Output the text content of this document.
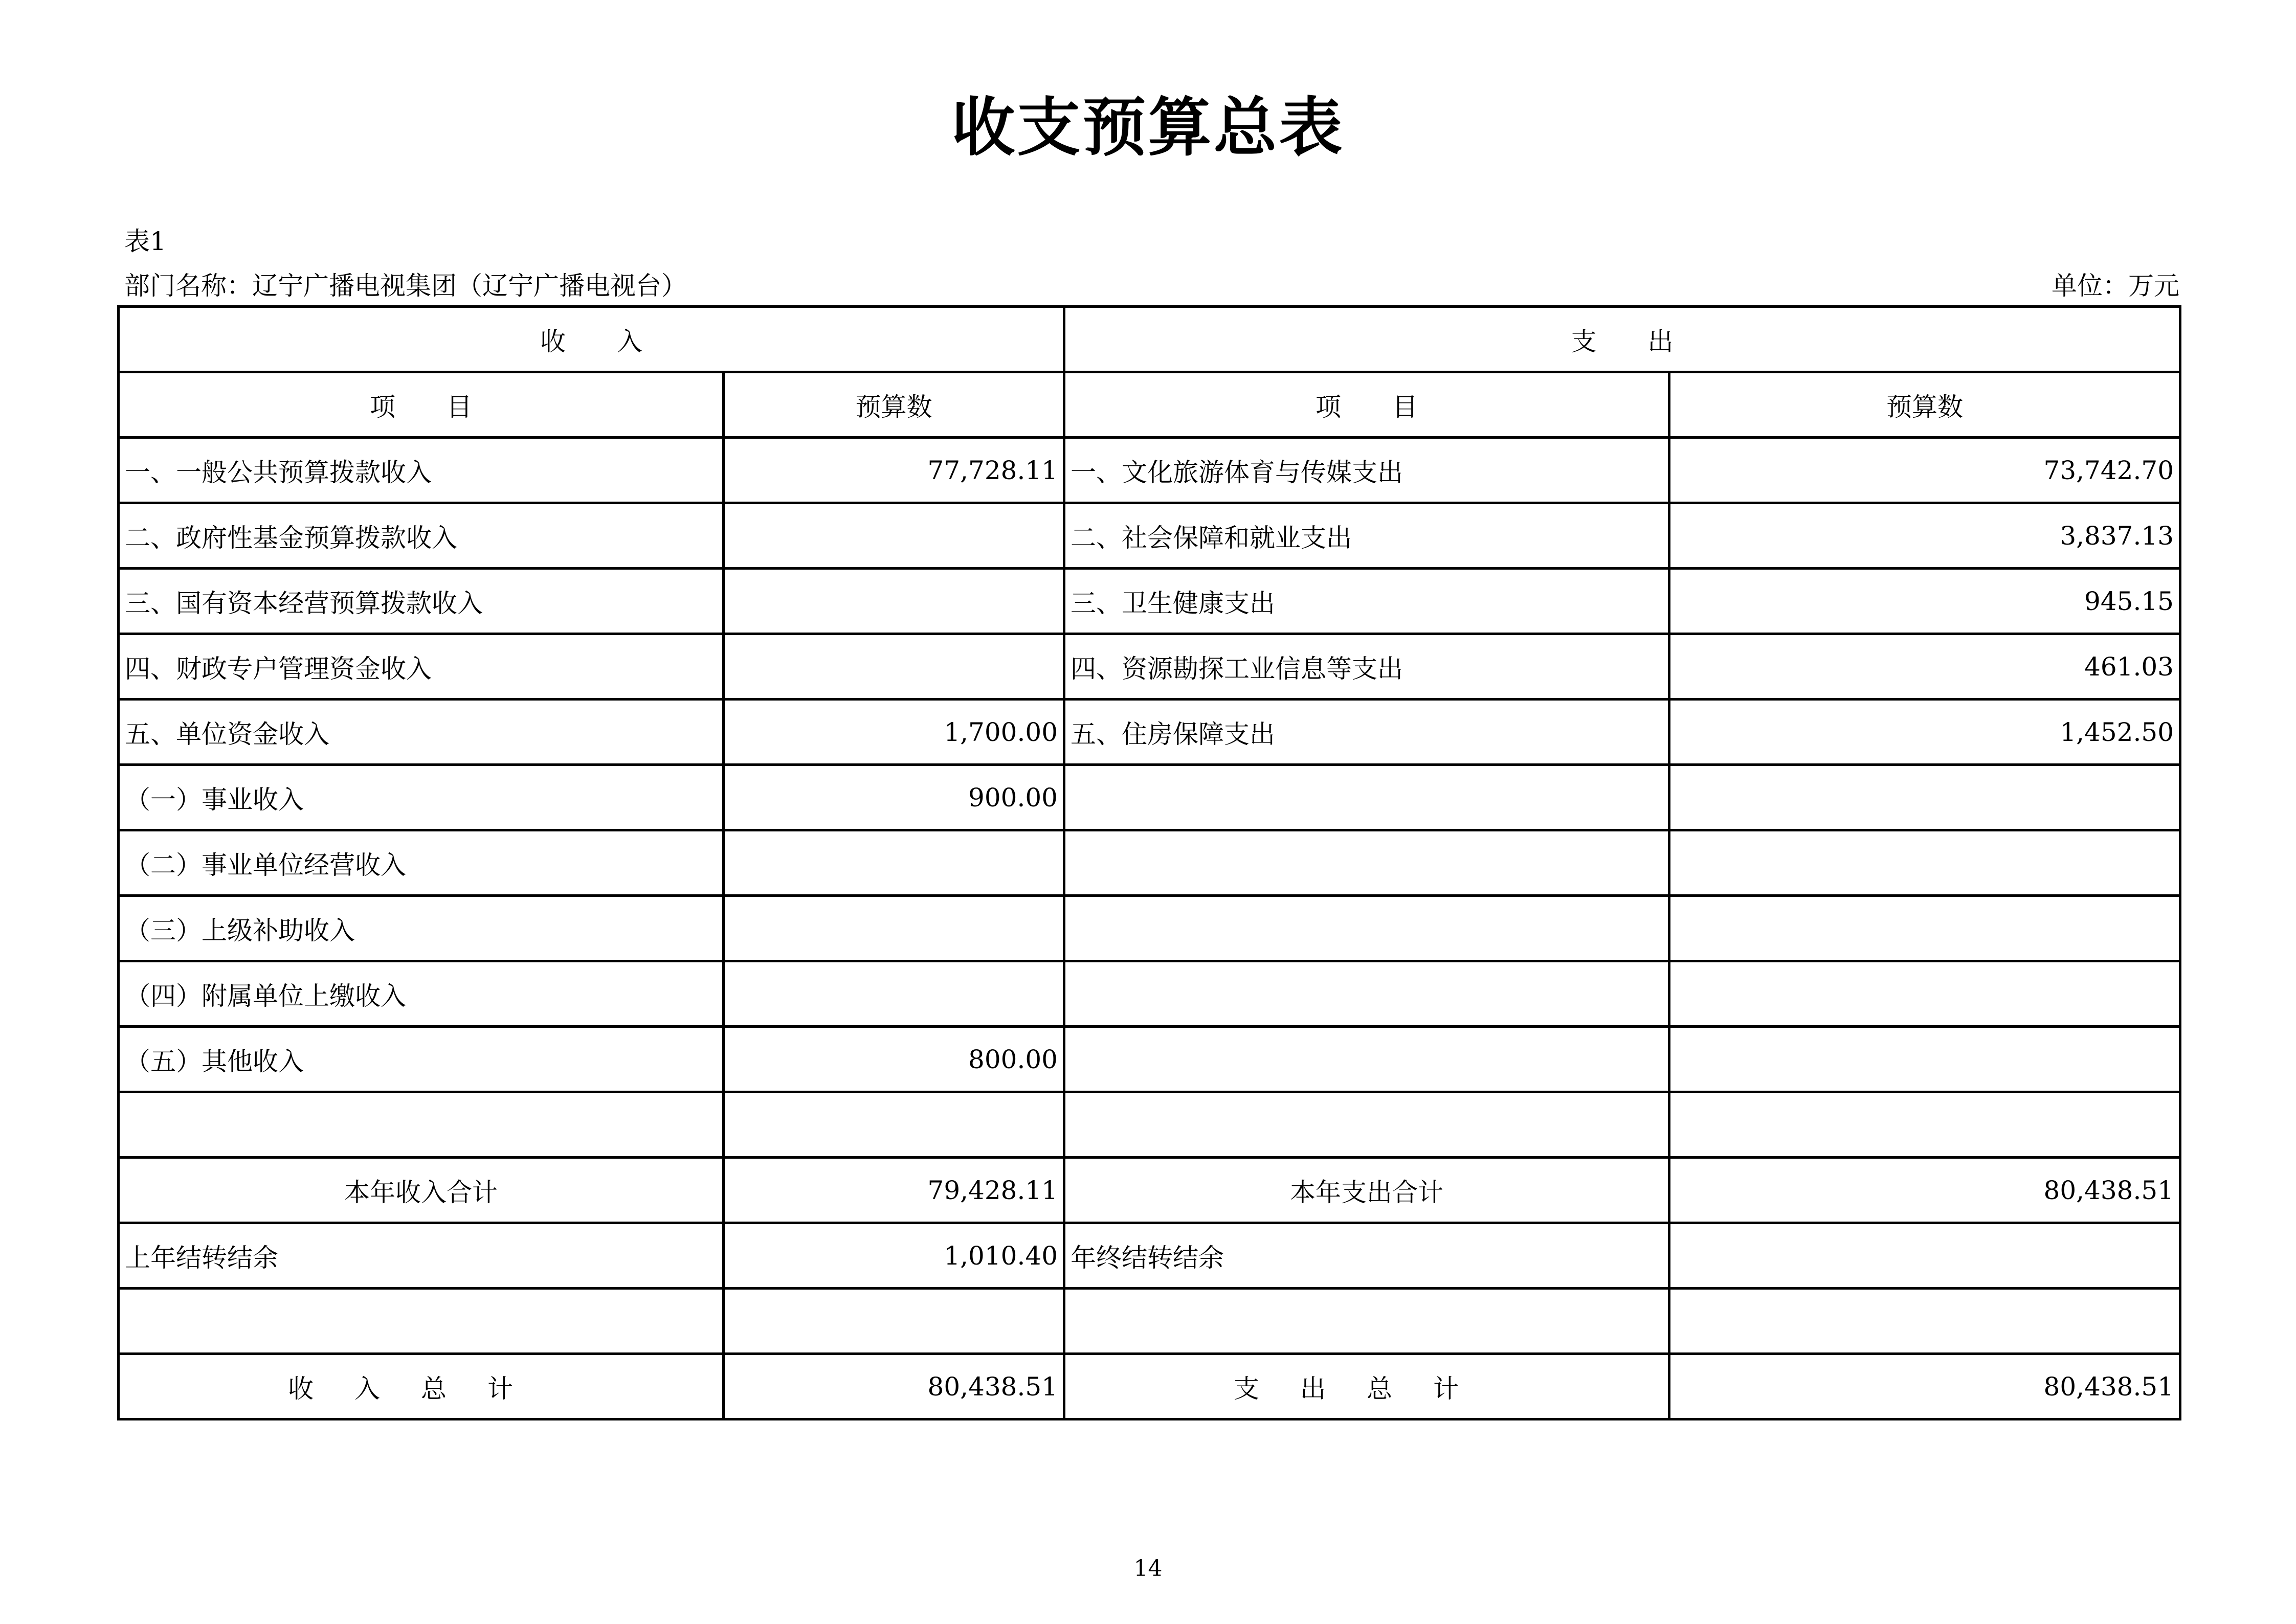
收支预算总表
表1
部门名称：辽宁广播电视集团（辽宁广播电视台）	单位：万元
收　　入		支　　出	
项　　目	预算数	项　　目	预算数
一、一般公共预算拨款收入	77,728.11	一、文化旅游体育与传媒支出	73,742.70
二、政府性基金预算拨款收入		二、社会保障和就业支出	3,837.13
三、国有资本经营预算拨款收入		三、卫生健康支出	945.15
四、财政专户管理资金收入		四、资源勘探工业信息等支出	461.03
五、单位资金收入	1,700.00	五、住房保障支出	1,452.50
（一）事业收入	900.00		
（二）事业单位经营收入			
（三）上级补助收入			
（四）附属单位上缴收入			
（五）其他收入	800.00		

本年收入合计	79,428.11	本年支出合计	80,438.51
上年结转结余	1,010.40	年终结转结余	

收入总计	80,438.51	支出总计	80,438.51
14
